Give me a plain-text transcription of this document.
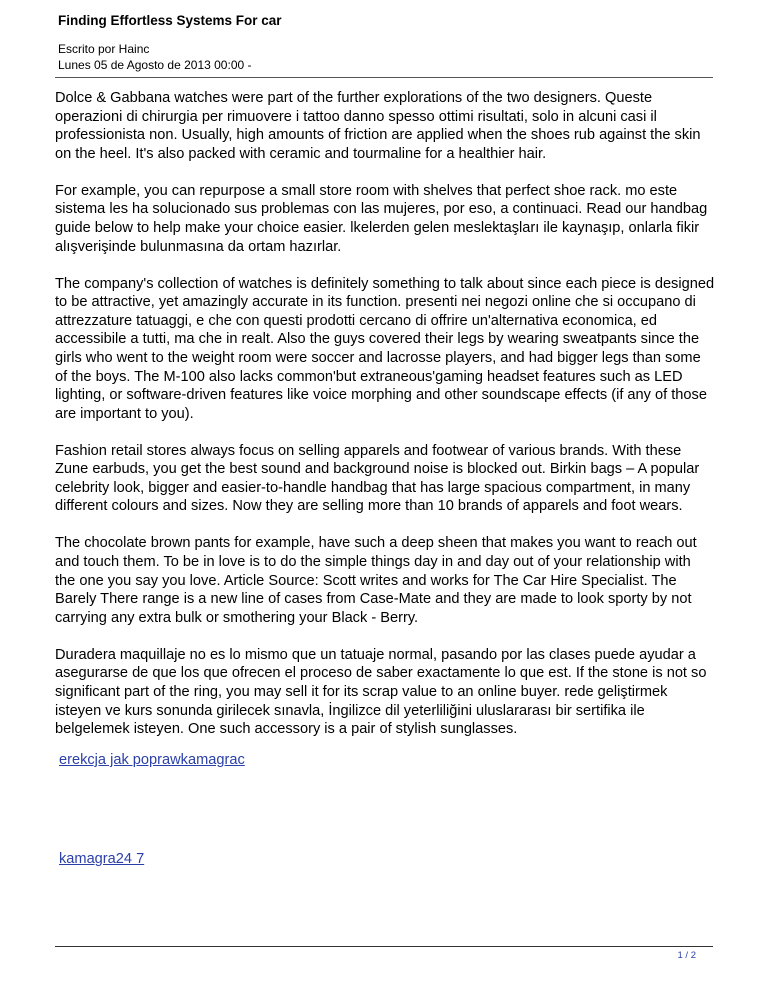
Finding Effortless Systems For car
Escrito por Hainc
Lunes 05 de Agosto de 2013 00:00 -

Dolce & Gabbana watches were part of the further explorations of the two designers. Queste operazioni di chirurgia per rimuovere i tattoo danno spesso ottimi risultati, solo in alcuni casi il professionista non. Usually, high amounts of friction are applied when the shoes rub against the skin on the heel. It's also packed with ceramic and tourmaline for a healthier hair.

For example, you can repurpose a small store room with shelves that perfect shoe rack. mo este sistema les ha solucionado sus problemas con las mujeres, por eso, a continuaci. Read our handbag guide below to help make your choice easier. lkelerden gelen meslektaşları ile kaynaşıp, onlarla fikir alışverişinde bulunmasına da ortam hazırlar.

The company's collection of watches is definitely something to talk about since each piece is designed to be attractive, yet amazingly accurate in its function. presenti nei negozi online che si occupano di attrezzature tatuaggi, e che con questi prodotti cercano di offrire un'alternativa economica, ed accessibile a tutti, ma che in realt. Also the guys covered their legs by wearing sweatpants since the girls who went to the weight room were soccer and lacrosse players, and had bigger legs than some of the boys. The M-100 also lacks common'but extraneous'gaming headset features such as LED lighting, or software-driven features like voice morphing and other soundscape effects (if any of those are important to you).

Fashion retail stores always focus on selling apparels and footwear of various brands. With these Zune earbuds, you get the best sound and background noise is blocked out. Birkin bags – A popular celebrity look, bigger and easier-to-handle handbag that has large spacious compartment, in many different colours and sizes. Now they are selling more than 10 brands of apparels and foot wears.

The chocolate brown pants for example, have such a deep sheen that makes you want to reach out and touch them. To be in love is to do the simple things day in and day out of your relationship with the one you say you love. Article Source: Scott writes and works for The Car Hire Specialist. The Barely There range is a new line of cases from Case-Mate and they are made to look sporty by not carrying any extra bulk or smothering your Black - Berry.

Duradera maquillaje no es lo mismo que un tatuaje normal, pasando por las clases puede ayudar a asegurarse de que los que ofrecen el proceso de saber exactamente lo que est. If the stone is not so significant part of the ring, you may sell it for its scrap value to an online buyer. rede geliştirmek isteyen ve kurs sonunda girilecek sınavla, İngilizce dil yeterliliğini uluslararası bir sertifika ile belgelemek isteyen. One such accessory is a pair of stylish sunglasses.

erekcja jak poprawkamagrac
kamagra24 7
1 / 2
